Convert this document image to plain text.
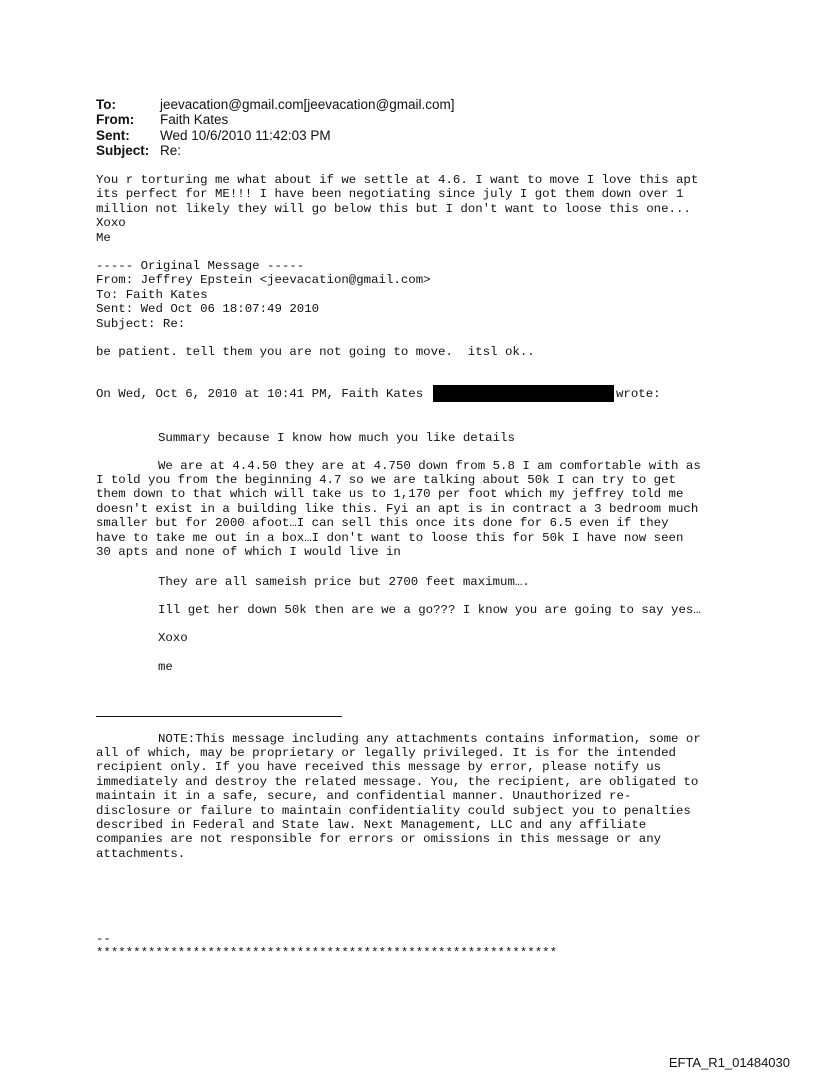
To:	jeevacation@gmail.com[jeevacation@gmail.com]
From:	Faith Kates
Sent:	Wed 10/6/2010 11:42:03 PM
Subject: Re:
You r torturing me what about if we settle at 4.6. I want to move I love this apt
its perfect for ME!!! I have been negotiating since july I got them down over 1
million not likely they will go below this but I don't want to loose this one...
Xoxo
Me
----- Original Message -----
From: Jeffrey Epstein <jeevacation@gmail.com>
To: Faith Kates
Sent: Wed Oct 06 18:07:49 2010
Subject: Re:
be patient. tell them you are not going to move.  itsl ok..
On Wed, Oct 6, 2010 at 10:41 PM, Faith Kates	wrote:
Summary because I know how much you like details
We are at 4.4.50 they are at 4.750 down from 5.8 I am comfortable with as
I told you from the beginning 4.7 so we are talking about 50k I can try to get
them down to that which will take us to 1,170 per foot which my jeffrey told me
doesn't exist in a building like this. Fyi an apt is in contract a 3 bedroom much
smaller but for 2000 afoot…I can sell this once its done for 6.5 even if they
have to take me out in a box…I don't want to loose this for 50k I have now seen
30 apts and none of which I would live in
They are all sameish price but 2700 feet maximum….
Ill get her down 50k then are we a go??? I know you are going to say yes…
Xoxo
me
NOTE:This message including any attachments contains information, some or
all of which, may be proprietary or legally privileged. It is for the intended
recipient only. If you have received this message by error, please notify us
immediately and destroy the related message. You, the recipient, are obligated to
maintain it in a safe, secure, and confidential manner. Unauthorized re-
disclosure or failure to maintain confidentiality could subject you to penalties
described in Federal and State law. Next Management, LLC and any affiliate
companies are not responsible for errors or omissions in this message or any
attachments.
--
**************************************************************
EFTA_R1_01484030
